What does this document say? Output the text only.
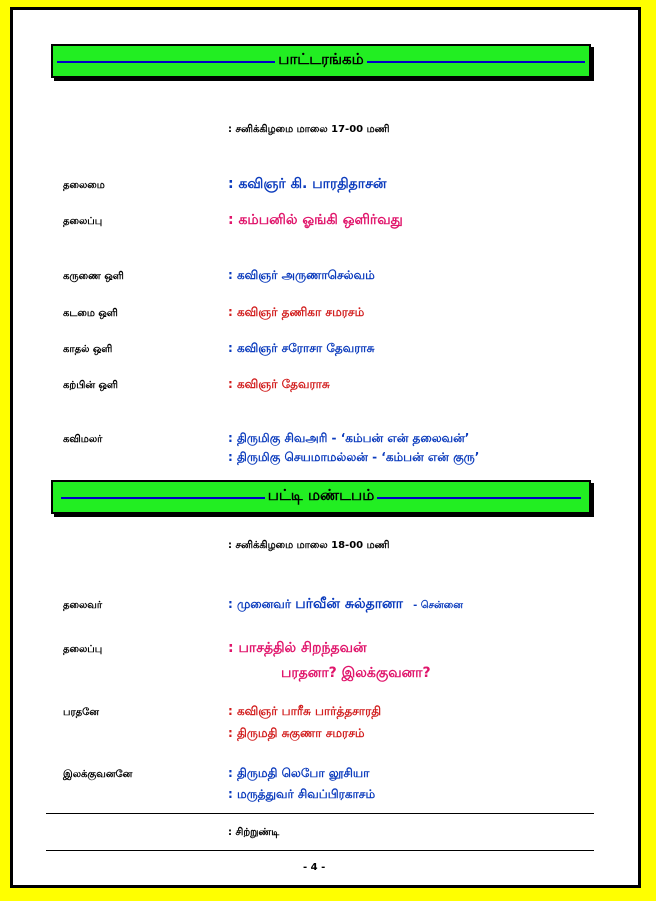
பாட்டரங்கம்
: சனிக்கிழமை மாலை 17-00 மணி
தலைமை	: கவிஞர் கி. பாரதிதாசன்
தலைப்பு	: கம்பனில் ஓங்கி ஒளிர்வது
கருணை ஒளி	: கவிஞர் அருணாசெல்வம்
கடமை ஒளி	: கவிஞர் தணிகா சமரசம்
காதல் ஒளி	: கவிஞர் சரோசா தேவராசு
கற்பின் ஒளி	: கவிஞர் தேவராசு
கவிமலர்	: திருமிகு சிவஅரி - ‘கம்பன் என் தலைவன்’
: திருமிகு செயமாமல்லன் - ‘கம்பன் என் குரு’
பட்டி மண்டபம்
: சனிக்கிழமை மாலை 18-00 மணி
தலைவர்	: முனைவர் பர்வீன் சுல்தானா - சென்னை
தலைப்பு	: பாசத்தில் சிறந்தவன்
பரதனா? இலக்குவனா?
பரதனே	: கவிஞர் பாரீசு பார்த்தசாரதி
: திருமதி சுகுணா சமரசம்
இலக்குவனனே	: திருமதி லெபோ லூசியா
: மருத்துவர் சிவப்பிரகாசம்
: சிற்றுண்டி
- 4 -
